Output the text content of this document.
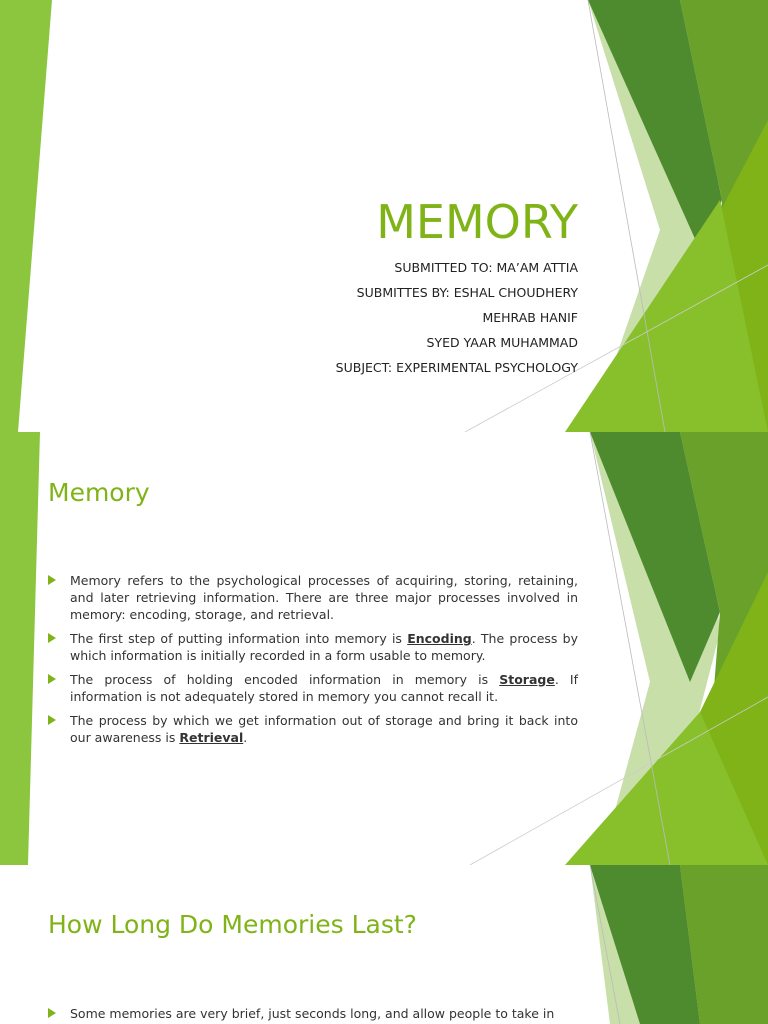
MEMORY
SUBMITTED TO: MA’AM ATTIA
SUBMITTES BY: ESHAL CHOUDHERY
MEHRAB HANIF
SYED YAAR MUHAMMAD
SUBJECT: EXPERIMENTAL PSYCHOLOGY
Memory
Memory refers to the psychological processes of acquiring, storing, retaining, and later retrieving information. There are three major processes involved in memory: encoding, storage, and retrieval.
The first step of putting information into memory is Encoding. The process by which information is initially recorded in a form usable to memory.
The process of holding encoded information in memory is Storage. If information is not adequately stored in memory you cannot recall it.
The process by which we get information out of storage and bring it back into our awareness is Retrieval.
How Long Do Memories Last?
Some memories are very brief, just seconds long, and allow people to take in
